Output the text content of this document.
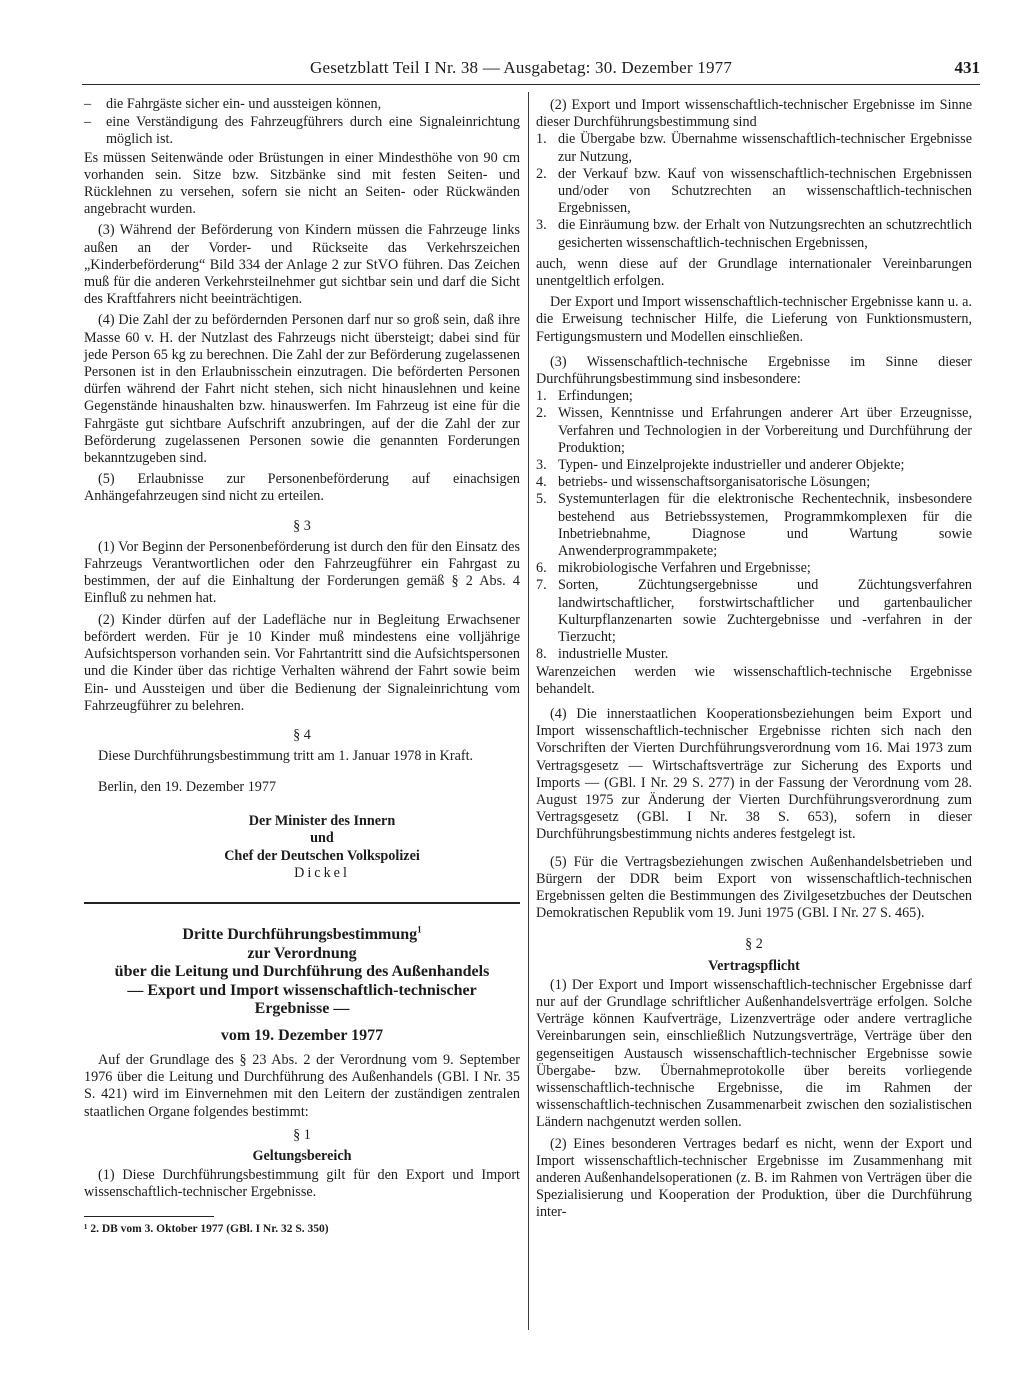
Gesetzblatt Teil I Nr. 38 — Ausgabetag: 30. Dezember 1977	431
–	die Fahrgäste sicher ein- und aussteigen können,
–	eine Verständigung des Fahrzeugführers durch eine Signaleinrichtung möglich ist.

Es müssen Seitenwände oder Brüstungen in einer Mindesthöhe von 90 cm vorhanden sein. Sitze bzw. Sitzbänke sind mit festen Seiten- und Rücklehnen zu versehen, sofern sie nicht an Seiten- oder Rückwänden angebracht wurden.

(3) Während der Beförderung von Kindern müssen die Fahrzeuge links außen an der Vorder- und Rückseite das Verkehrszeichen „Kinderbeförderung“ Bild 334 der Anlage 2 zur StVO führen. Das Zeichen muß für die anderen Verkehrsteilnehmer gut sichtbar sein und darf die Sicht des Kraftfahrers nicht beeinträchtigen.

(4) Die Zahl der zu befördernden Personen darf nur so groß sein, daß ihre Masse 60 v. H. der Nutzlast des Fahrzeugs nicht übersteigt; dabei sind für jede Person 65 kg zu berechnen. Die Zahl der zur Beförderung zugelassenen Personen ist in den Erlaubnisschein einzutragen. Die beförderten Personen dürfen während der Fahrt nicht stehen, sich nicht hinauslehnen und keine Gegenstände hinaushalten bzw. hinauswerfen. Im Fahrzeug ist eine für die Fahrgäste gut sichtbare Aufschrift anzubringen, auf der die Zahl der zur Beförderung zugelassenen Personen sowie die genannten Forderungen bekanntzugeben sind.

(5) Erlaubnisse zur Personenbeförderung auf einachsigen Anhängefahrzeugen sind nicht zu erteilen.

§ 3

(1) Vor Beginn der Personenbeförderung ist durch den für den Einsatz des Fahrzeugs Verantwortlichen oder den Fahrzeugführer ein Fahrgast zu bestimmen, der auf die Einhaltung der Forderungen gemäß § 2 Abs. 4 Einfluß zu nehmen hat.

(2) Kinder dürfen auf der Ladefläche nur in Begleitung Erwachsener befördert werden. Für je 10 Kinder muß mindestens eine volljährige Aufsichtsperson vorhanden sein. Vor Fahrtantritt sind die Aufsichtspersonen und die Kinder über das richtige Verhalten während der Fahrt sowie beim Ein- und Aussteigen und über die Bedienung der Signaleinrichtung vom Fahrzeugführer zu belehren.

§ 4

Diese Durchführungsbestimmung tritt am 1. Januar 1978 in Kraft.

Berlin, den 19. Dezember 1977

Der Minister des Innern
und
Chef der Deutschen Volkspolizei
Dickel
Dritte Durchführungsbestimmung$^1$
zur Verordnung
über die Leitung und Durchführung des Außenhandels
— Export und Import wissenschaftlich-technischer
Ergebnisse —
vom 19. Dezember 1977

Auf der Grundlage des § 23 Abs. 2 der Verordnung vom 9. September 1976 über die Leitung und Durchführung des Außenhandels (GBl. I Nr. 35 S. 421) wird im Einvernehmen mit den Leitern der zuständigen zentralen staatlichen Organe folgendes bestimmt:

§ 1
Geltungsbereich

(1) Diese Durchführungsbestimmung gilt für den Export und Import wissenschaftlich-technischer Ergebnisse.

¹ 2. DB vom 3. Oktober 1977 (GBl. I Nr. 32 S. 350)

(2) Export und Import wissenschaftlich-technischer Ergebnisse im Sinne dieser Durchführungsbestimmung sind

1. die Übergabe bzw. Übernahme wissenschaftlich-technischer Ergebnisse zur Nutzung,
2. der Verkauf bzw. Kauf von wissenschaftlich-technischen Ergebnissen und/oder von Schutzrechten an wissenschaftlich-technischen Ergebnissen,
3. die Einräumung bzw. der Erhalt von Nutzungsrechten an schutzrechtlich gesicherten wissenschaftlich-technischen Ergebnissen,

auch, wenn diese auf der Grundlage internationaler Vereinbarungen unentgeltlich erfolgen.

Der Export und Import wissenschaftlich-technischer Ergebnisse kann u. a. die Erweisung technischer Hilfe, die Lieferung von Funktionsmustern, Fertigungsmustern und Modellen einschließen.

(3) Wissenschaftlich-technische Ergebnisse im Sinne dieser Durchführungsbestimmung sind insbesondere:

1. Erfindungen;
2. Wissen, Kenntnisse und Erfahrungen anderer Art über Erzeugnisse, Verfahren und Technologien in der Vorbereitung und Durchführung der Produktion;
3. Typen- und Einzelprojekte industrieller und anderer Objekte;
4. betriebs- und wissenschaftsorganisatorische Lösungen;
5. Systemunterlagen für die elektronische Rechentechnik, insbesondere bestehend aus Betriebssystemen, Programmkomplexen für die Inbetriebnahme, Diagnose und Wartung sowie Anwenderprogrammpakete;
6. mikrobiologische Verfahren und Ergebnisse;
7. Sorten, Züchtungsergebnisse und Züchtungsverfahren landwirtschaftlicher, forstwirtschaftlicher und gartenbaulicher Kulturpflanzenarten sowie Zuchtergebnisse und -verfahren in der Tierzucht;
8. industrielle Muster.

Warenzeichen werden wie wissenschaftlich-technische Ergebnisse behandelt.

(4) Die innerstaatlichen Kooperationsbeziehungen beim Export und Import wissenschaftlich-technischer Ergebnisse richten sich nach den Vorschriften der Vierten Durchführungsverordnung vom 16. Mai 1973 zum Vertragsgesetz — Wirtschaftsverträge zur Sicherung des Exports und Imports — (GBl. I Nr. 29 S. 277) in der Fassung der Verordnung vom 28. August 1975 zur Änderung der Vierten Durchführungsverordnung zum Vertragsgesetz (GBl. I Nr. 38 S. 653), sofern in dieser Durchführungsbestimmung nichts anderes festgelegt ist.

(5) Für die Vertragsbeziehungen zwischen Außenhandelsbetrieben und Bürgern der DDR beim Export von wissenschaftlich-technischen Ergebnissen gelten die Bestimmungen des Zivilgesetzbuches der Deutschen Demokratischen Republik vom 19. Juni 1975 (GBl. I Nr. 27 S. 465).

§ 2
Vertragspflicht

(1) Der Export und Import wissenschaftlich-technischer Ergebnisse darf nur auf der Grundlage schriftlicher Außenhandelsverträge erfolgen. Solche Verträge können Kaufverträge, Lizenzverträge oder andere vertragliche Vereinbarungen sein, einschließlich Nutzungsverträge, Verträge über den gegenseitigen Austausch wissenschaftlich-technischer Ergebnisse sowie Übergabe- bzw. Übernahmeprotokolle über bereits vorliegende wissenschaftlich-technische Ergebnisse, die im Rahmen der wissenschaftlich-technischen Zusammenarbeit zwischen den sozialistischen Ländern nachgenutzt werden sollen.

(2) Eines besonderen Vertrages bedarf es nicht, wenn der Export und Import wissenschaftlich-technischer Ergebnisse im Zusammenhang mit anderen Außenhandelsoperationen (z. B. im Rahmen von Verträgen über die Spezialisierung und Kooperation der Produktion, über die Durchführung inter-
